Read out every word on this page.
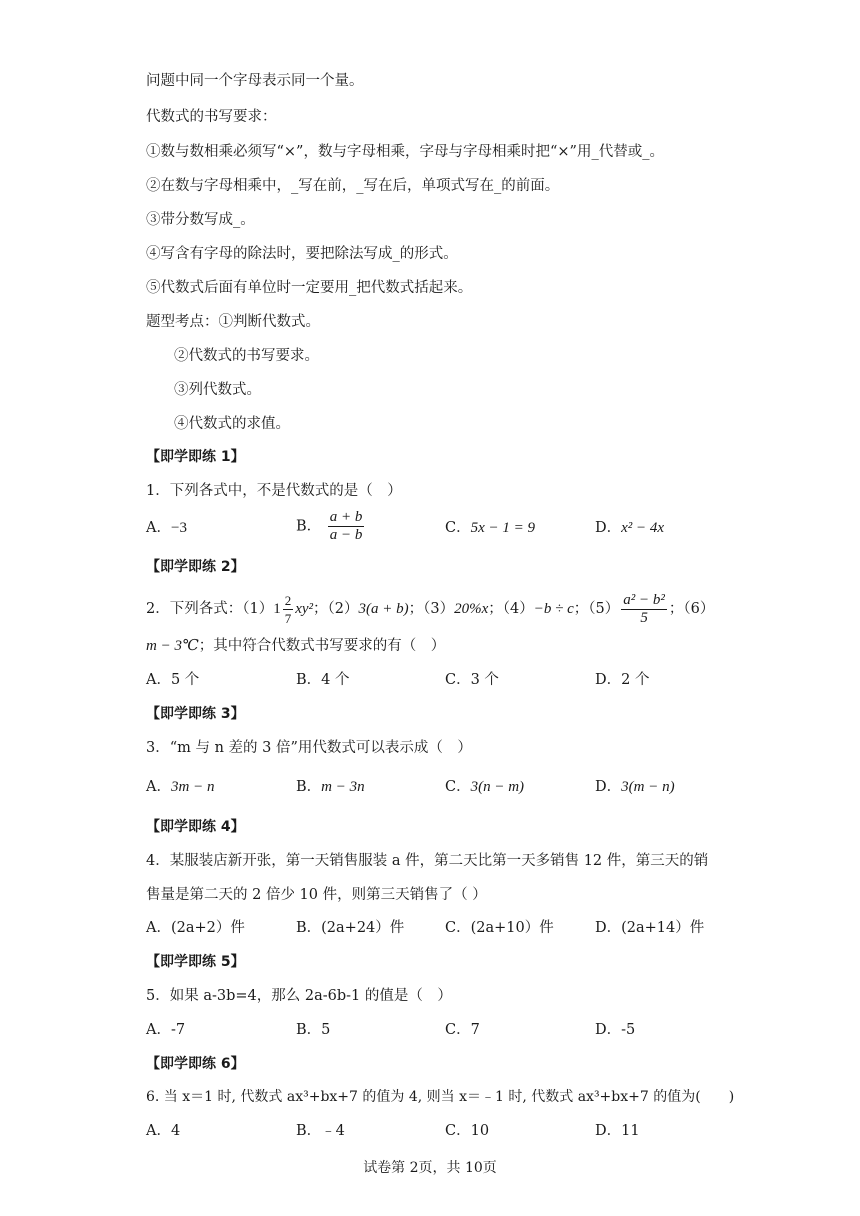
问题中同一个字母表示同一个量。
代数式的书写要求：
①数与数相乘必须写“×”，数与字母相乘，字母与字母相乘时把“×”用_代替或_。
②在数与字母相乘中，_写在前，_写在后，单项式写在_的前面。
③带分数写成_。
④写含有字母的除法时，要把除法写成_的形式。
⑤代数式后面有单位时一定要用_把代数式括起来。
题型考点：①判断代数式。
②代数式的书写要求。
③列代数式。
④代数式的求值。
【即学即练 1】
1．下列各式中，不是代数式的是（　）
A．−3	B． $\frac{a + b}{a - b}$	C．5x − 1 = 9	D．x² − 4x
【即学即练 2】
2．下列各式：（1） $1 \frac{2}{7} xy^2$ ；（2） 3(a + b) ；（3） 20%x ；（4） −b ÷ c ；$(5) \frac{\text{a² − b²}}{5}$ ；（6）
m − 3℃；其中符合代数式书写要求的有（　）
A．5 个	B．4 个	C．3 个	D．2 个
【即学即练 3】
3．“m 与 n 差的 3 倍”用代数式可以表示成（　）
A．3m − n	B．m − 3n	C．3(n − m)	D．3(m − n)
【即学即练 4】
4．某服装店新开张，第一天销售服装 a 件，第二天比第一天多销售 12 件，第三天的销
售量是第二天的 2 倍少 10 件，则第三天销售了（ ）
A．(2a+2）件	B．(2a+24）件	C．(2a+10）件	D．(2a+14）件
【即学即练 5】
5．如果 a-3b=4，那么 2a-6b-1 的值是（　）
A．-7	B．5	C．7	D．-5
【即学即练 6】
6. 当 x＝1 时, 代数式 ax³+bx+7 的值为 4, 则当 x＝﹣1 时, 代数式 ax³+bx+7 的值为(　　)
A．4	B．﹣4	C．10	D．11
试卷第 2页，共 10页
